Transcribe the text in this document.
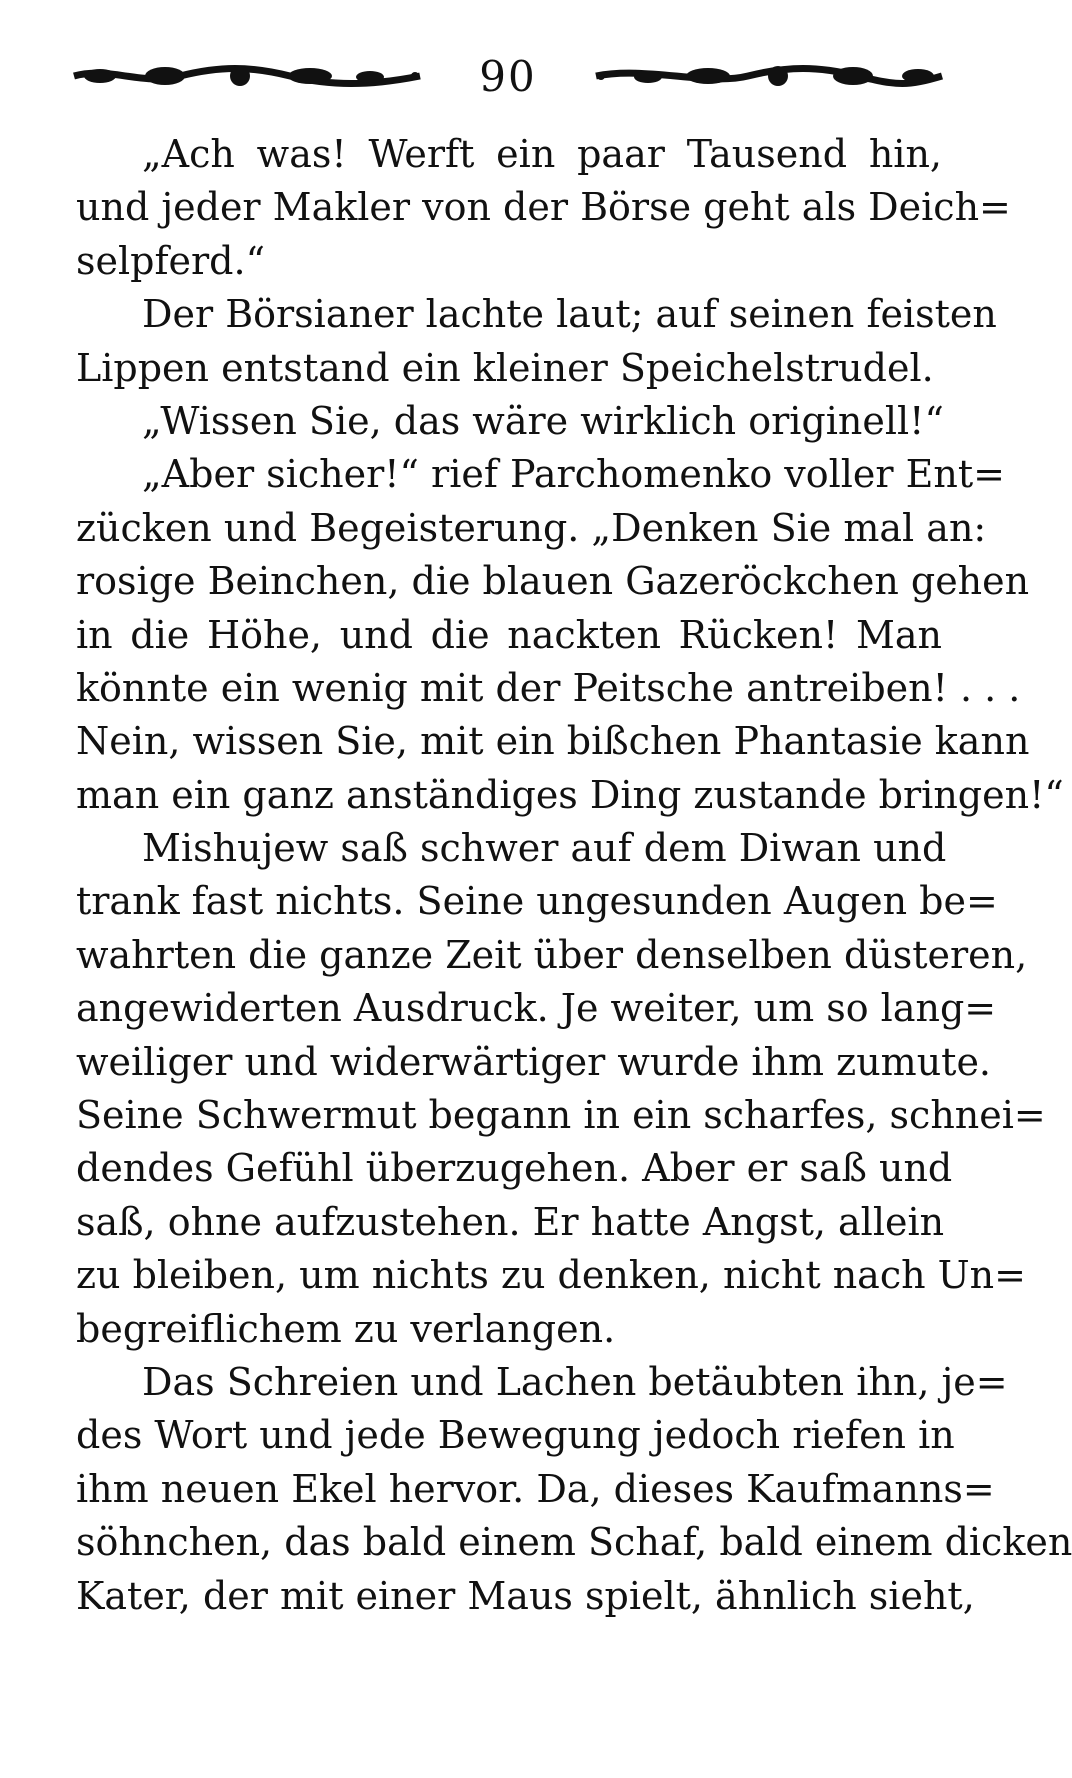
90
„Ach was! Werft ein paar Tausend hin,
und jeder Makler von der Börse geht als Deich=
selpferd.“
Der Börsianer lachte laut; auf seinen feisten
Lippen entstand ein kleiner Speichelstrudel.
„Wissen Sie, das wäre wirklich originell!“
„Aber sicher!“ rief Parchomenko voller Ent=
zücken und Begeisterung. „Denken Sie mal an:
rosige Beinchen, die blauen Gazeröckchen gehen
in die Höhe, und die nackten Rücken! Man
könnte ein wenig mit der Peitsche antreiben! . . .
Nein, wissen Sie, mit ein bißchen Phantasie kann
man ein ganz anständiges Ding zustande bringen!“
Mishujew saß schwer auf dem Diwan und
trank fast nichts. Seine ungesunden Augen be=
wahrten die ganze Zeit über denselben düsteren,
angewiderten Ausdruck. Je weiter, um so lang=
weiliger und widerwärtiger wurde ihm zumute.
Seine Schwermut begann in ein scharfes, schnei=
dendes Gefühl überzugehen. Aber er saß und
saß, ohne aufzustehen. Er hatte Angst, allein
zu bleiben, um nichts zu denken, nicht nach Un=
begreiflichem zu verlangen.
Das Schreien und Lachen betäubten ihn, je=
des Wort und jede Bewegung jedoch riefen in
ihm neuen Ekel hervor. Da, dieses Kaufmanns=
söhnchen, das bald einem Schaf, bald einem dicken
Kater, der mit einer Maus spielt, ähnlich sieht,
